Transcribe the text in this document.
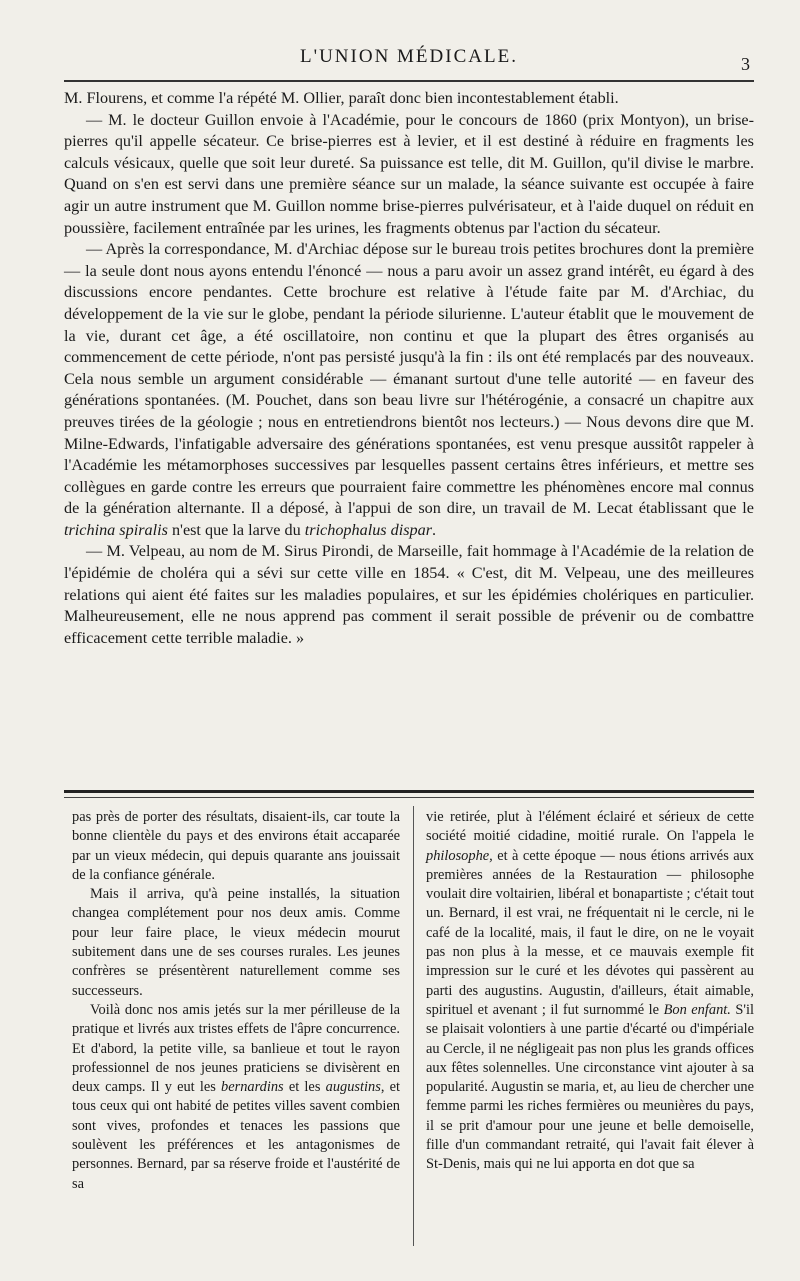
L'UNION MÉDICALE.	3

M. Flourens, et comme l'a répété M. Ollier, paraît donc bien incontestablement établi.

— M. le docteur Guillon envoie à l'Académie, pour le concours de 1860 (prix Montyon), un brise-pierres qu'il appelle sécateur. Ce brise-pierres est à levier, et il est destiné à réduire en fragments les calculs vésicaux, quelle que soit leur dureté. Sa puissance est telle, dit M. Guillon, qu'il divise le marbre. Quand on s'en est servi dans une première séance sur un malade, la séance suivante est occupée à faire agir un autre instrument que M. Guillon nomme brise-pierres pulvérisateur, et à l'aide duquel on réduit en poussière, facilement entraînée par les urines, les fragments obtenus par l'action du sécateur.

— Après la correspondance, M. d'Archiac dépose sur le bureau trois petites brochures dont la première — la seule dont nous ayons entendu l'énoncé — nous a paru avoir un assez grand intérêt, eu égard à des discussions encore pendantes. Cette brochure est relative à l'étude faite par M. d'Archiac, du développement de la vie sur le globe, pendant la période silurienne. L'auteur établit que le mouvement de la vie, durant cet âge, a été oscillatoire, non continu et que la plupart des êtres organisés au commencement de cette période, n'ont pas persisté jusqu'à la fin : ils ont été remplacés par des nouveaux. Cela nous semble un argument considérable — émanant surtout d'une telle autorité — en faveur des générations spontanées. (M. Pouchet, dans son beau livre sur l'hétérogénie, a consacré un chapitre aux preuves tirées de la géologie ; nous en entretiendrons bientôt nos lecteurs.) — Nous devons dire que M. Milne-Edwards, l'infatigable adversaire des générations spontanées, est venu presque aussitôt rappeler à l'Académie les métamorphoses successives par lesquelles passent certains êtres inférieurs, et mettre ses collègues en garde contre les erreurs que pourraient faire commettre les phénomènes encore mal connus de la génération alternante. Il a déposé, à l'appui de son dire, un travail de M. Lecat établissant que le trichina spiralis n'est que la larve du trichophalus dispar.

— M. Velpeau, au nom de M. Sirus Pirondi, de Marseille, fait hommage à l'Académie de la relation de l'épidémie de choléra qui a sévi sur cette ville en 1854. « C'est, dit M. Velpeau, une des meilleures relations qui aient été faites sur les maladies populaires, et sur les épidémies cholériques en particulier. Malheureusement, elle ne nous apprend pas comment il serait possible de prévenir ou de combattre efficacement cette terrible maladie. »

pas près de porter des résultats, disaient-ils, car toute la bonne clientèle du pays et des environs était accaparée par un vieux médecin, qui depuis quarante ans jouissait de la confiance générale.

Mais il arriva, qu'à peine installés, la situation changea complétement pour nos deux amis. Comme pour leur faire place, le vieux médecin mourut subitement dans une de ses courses rurales. Les jeunes confrères se présentèrent naturellement comme ses successeurs.

Voilà donc nos amis jetés sur la mer périlleuse de la pratique et livrés aux tristes effets de l'âpre concurrence. Et d'abord, la petite ville, sa banlieue et tout le rayon professionnel de nos jeunes praticiens se divisèrent en deux camps. Il y eut les bernardins et les augustins, et tous ceux qui ont habité de petites villes savent combien sont vives, profondes et tenaces les passions que soulèvent les préférences et les antagonismes de personnes. Bernard, par sa réserve froide et l'austérité de sa

vie retirée, plut à l'élément éclairé et sérieux de cette société moitié cidadine, moitié rurale. On l'appela le philosophe, et à cette époque — nous étions arrivés aux premières années de la Restauration — philosophe voulait dire voltairien, libéral et bonapartiste ; c'était tout un. Bernard, il est vrai, ne fréquentait ni le cercle, ni le café de la localité, mais, il faut le dire, on ne le voyait pas non plus à la messe, et ce mauvais exemple fit impression sur le curé et les dévotes qui passèrent au parti des augustins. Augustin, d'ailleurs, était aimable, spirituel et avenant ; il fut surnommé le Bon enfant. S'il se plaisait volontiers à une partie d'écarté ou d'impériale au Cercle, il ne négligeait pas non plus les grands offices aux fêtes solennelles. Une circonstance vint ajouter à sa popularité. Augustin se maria, et, au lieu de chercher une femme parmi les riches fermières ou meunières du pays, il se prit d'amour pour une jeune et belle demoiselle, fille d'un commandant retraité, qui l'avait fait élever à St-Denis, mais qui ne lui apporta en dot que sa
